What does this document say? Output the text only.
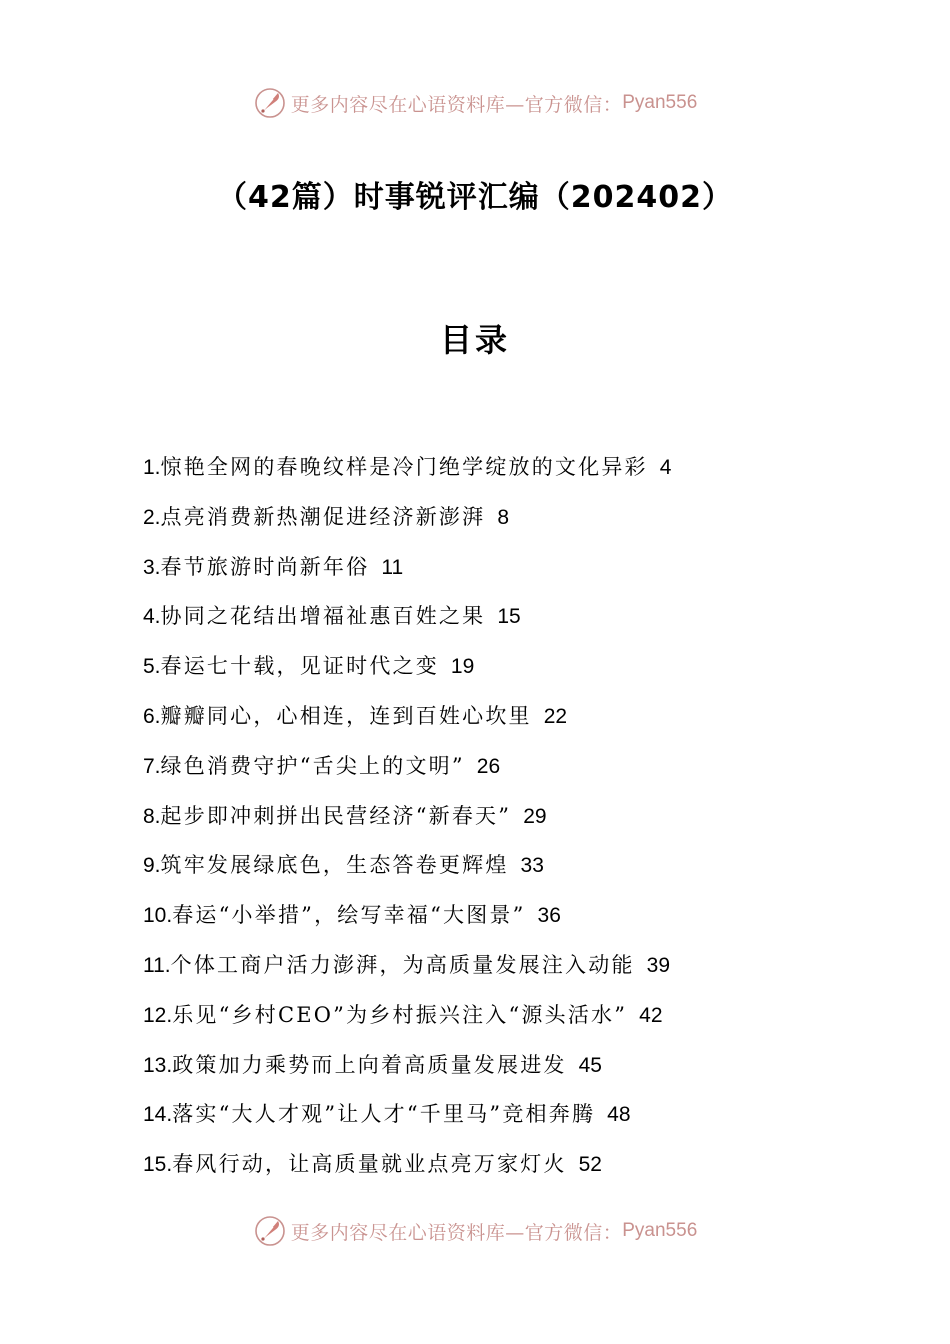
更多内容尽在心语资料库—官方微信： Pyan556
（42篇）时事锐评汇编（202402）
目录
1.惊艳全网的春晚纹样是冷门绝学绽放的文化异彩 4
2.点亮消费新热潮促进经济新澎湃 8
3.春节旅游时尚新年俗 11
4.协同之花结出增福祉惠百姓之果 15
5.春运七十载，见证时代之变 19
6.瓣瓣同心，心相连，连到百姓心坎里 22
7.绿色消费守护“舌尖上的文明” 26
8.起步即冲刺拼出民营经济“新春天” 29
9.筑牢发展绿底色，生态答卷更辉煌 33
10.春运“小举措”，绘写幸福“大图景” 36
11.个体工商户活力澎湃，为高质量发展注入动能 39
12.乐见“乡村CEO”为乡村振兴注入“源头活水” 42
13.政策加力乘势而上向着高质量发展进发 45
14.落实“大人才观”让人才“千里马”竞相奔腾 48
15.春风行动，让高质量就业点亮万家灯火 52
更多内容尽在心语资料库—官方微信： Pyan556
